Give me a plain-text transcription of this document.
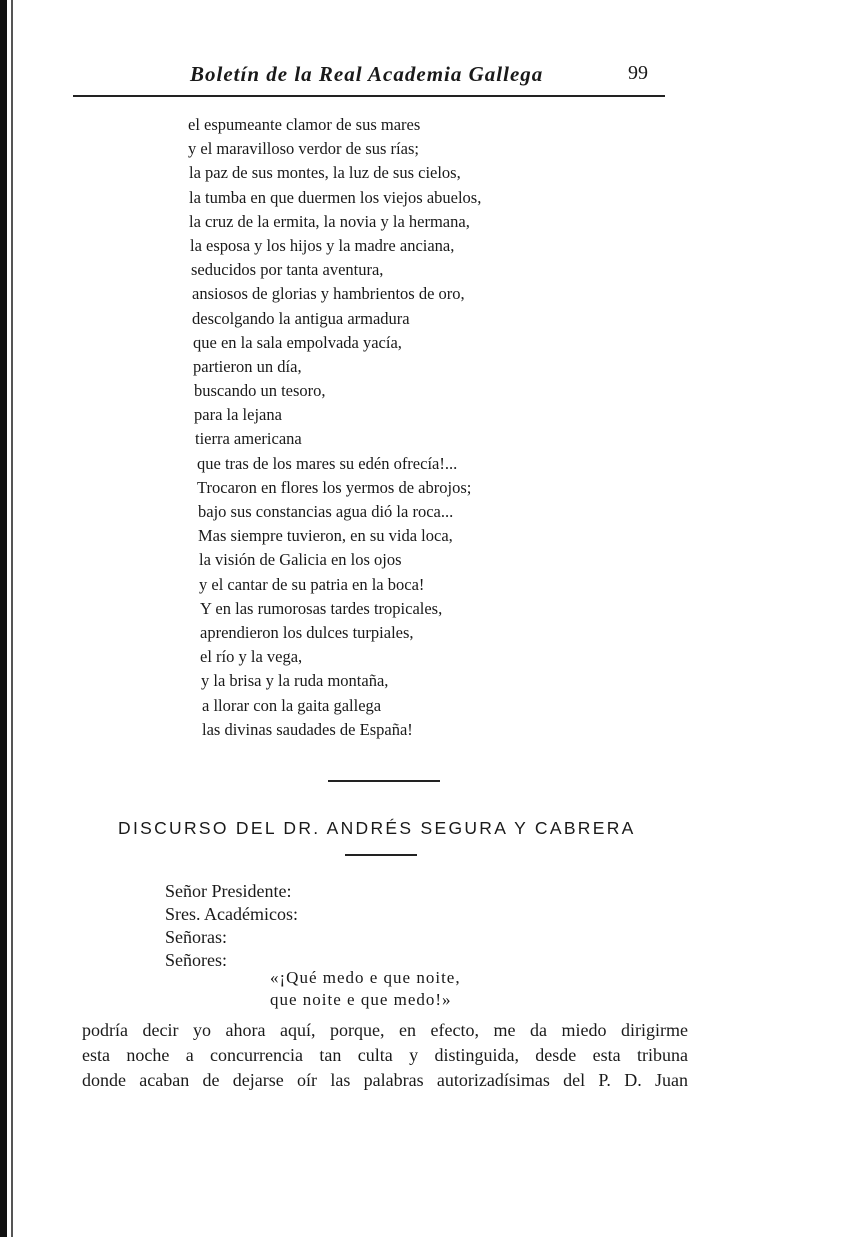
Boletín de la Real Academia Gallega	99
el espumeante clamor de sus mares
y el maravilloso verdor de sus rías;
la paz de sus montes, la luz de sus cielos,
la tumba en que duermen los viejos abuelos,
la cruz de la ermita, la novia y la hermana,
la esposa y los hijos y la madre anciana,
seducidos por tanta aventura,
ansiosos de glorias y hambrientos de oro,
descolgando la antigua armadura
que en la sala empolvada yacía,
partieron un día,
buscando un tesoro,
para la lejana
tierra americana
que tras de los mares su edén ofrecía!...
Trocaron en flores los yermos de abrojos;
bajo sus constancias agua dió la roca...
Mas siempre tuvieron, en su vida loca,
la visión de Galicia en los ojos
y el cantar de su patria en la boca!
Y en las rumorosas tardes tropicales,
aprendieron los dulces turpiales,
el río y la vega,
y la brisa y la ruda montaña,
a llorar con la gaita gallega
las divinas saudades de España!
DISCURSO DEL DR. ANDRÉS SEGURA Y CABRERA
Señor Presidente:
Sres. Académicos:
Señoras:
Señores:
«¡Qué medo e que noite,
que noite e que medo!»
podría decir yo ahora aquí, porque, en efecto, me da miedo dirigirme
esta noche a concurrencia tan culta y distinguida, desde esta tribuna
donde acaban de dejarse oír las palabras autorizadísimas del P. D. Juan
